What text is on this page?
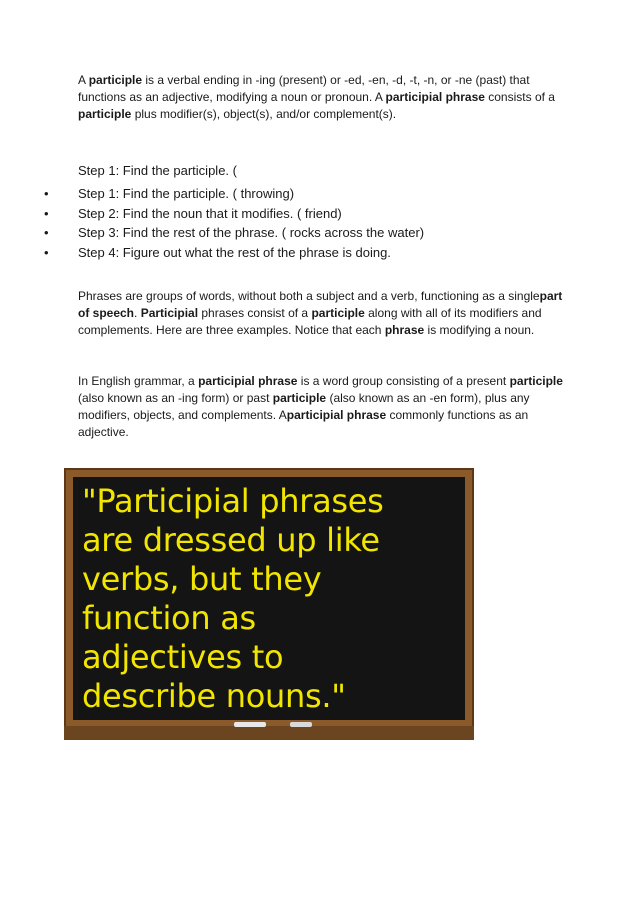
A participle is a verbal ending in -ing (present) or -ed, -en, -d, -t, -n, or -ne (past) that functions as an adjective, modifying a noun or pronoun. A participial phrase consists of a participle plus modifier(s), object(s), and/or complement(s).
Step 1: Find the participle. (
• Step 1: Find the participle. ( throwing)
• Step 2: Find the noun that it modifies. ( friend)
• Step 3: Find the rest of the phrase. ( rocks across the water)
• Step 4: Figure out what the rest of the phrase is doing.
Phrases are groups of words, without both a subject and a verb, functioning as a singlepart of speech. Participial phrases consist of a participle along with all of its modifiers and complements. Here are three examples. Notice that each phrase is modifying a noun.
In English grammar, a participial phrase is a word group consisting of a present participle (also known as an -ing form) or past participle (also known as an -en form), plus any modifiers, objects, and complements. Aparticipial phrase commonly functions as an adjective.

"Participial phrases
are dressed up like
verbs, but they
function as
adjectives to
describe nouns."
